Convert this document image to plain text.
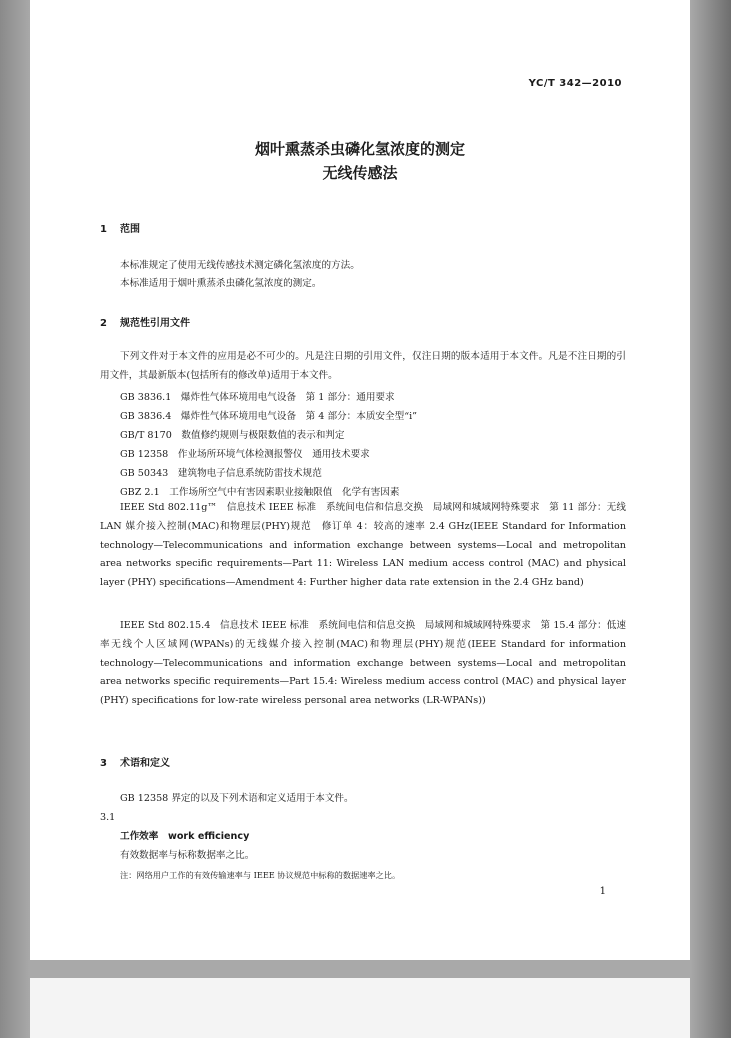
YC/T 342—2010
烟叶熏蒸杀虫磷化氢浓度的测定
无线传感法
1 范围
本标准规定了使用无线传感技术测定磷化氢浓度的方法。
本标准适用于烟叶熏蒸杀虫磷化氢浓度的测定。
2 规范性引用文件
下列文件对于本文件的应用是必不可少的。凡是注日期的引用文件，仅注日期的版本适用于本文件。凡是不注日期的引用文件，其最新版本(包括所有的修改单)适用于本文件。
GB 3836.1　爆炸性气体环境用电气设备　第 1 部分：通用要求
GB 3836.4　爆炸性气体环境用电气设备　第 4 部分：本质安全型“i”
GB/T 8170　数值修约规则与极限数值的表示和判定
GB 12358　作业场所环境气体检测报警仪　通用技术要求
GB 50343　建筑物电子信息系统防雷技术规范
GBZ 2.1　工作场所空气中有害因素职业接触限值　化学有害因素
IEEE Std 802.11g™　信息技术 IEEE 标准　系统间电信和信息交换　局域网和城域网特殊要求　第 11 部分：无线 LAN 媒介接入控制(MAC)和物理层(PHY)规范　修订单 4：较高的速率 2.4 GHz(IEEE Standard for Information technology—Telecommunications and information exchange between systems—Local and metropolitan area networks specific requirements—Part 11: Wireless LAN medium access control (MAC) and physical layer (PHY) specifications—Amendment 4: Further higher data rate extension in the 2.4 GHz band)
IEEE Std 802.15.4　信息技术 IEEE 标准　系统间电信和信息交换　局域网和城域网特殊要求　第 15.4 部分：低速率无线个人区域网(WPANs)的无线媒介接入控制(MAC)和物理层(PHY)规范(IEEE Standard for information technology—Telecommunications and information exchange between systems—Local and metropolitan area networks specific requirements—Part 15.4: Wireless medium access control (MAC) and physical layer (PHY) specifications for low-rate wireless personal area networks (LR-WPANs))
3 术语和定义
GB 12358 界定的以及下列术语和定义适用于本文件。
3.1
工作效率　work efficiency
有效数据率与标称数据率之比。
注：网络用户工作的有效传输速率与 IEEE 协议规范中标称的数据速率之比。
1
